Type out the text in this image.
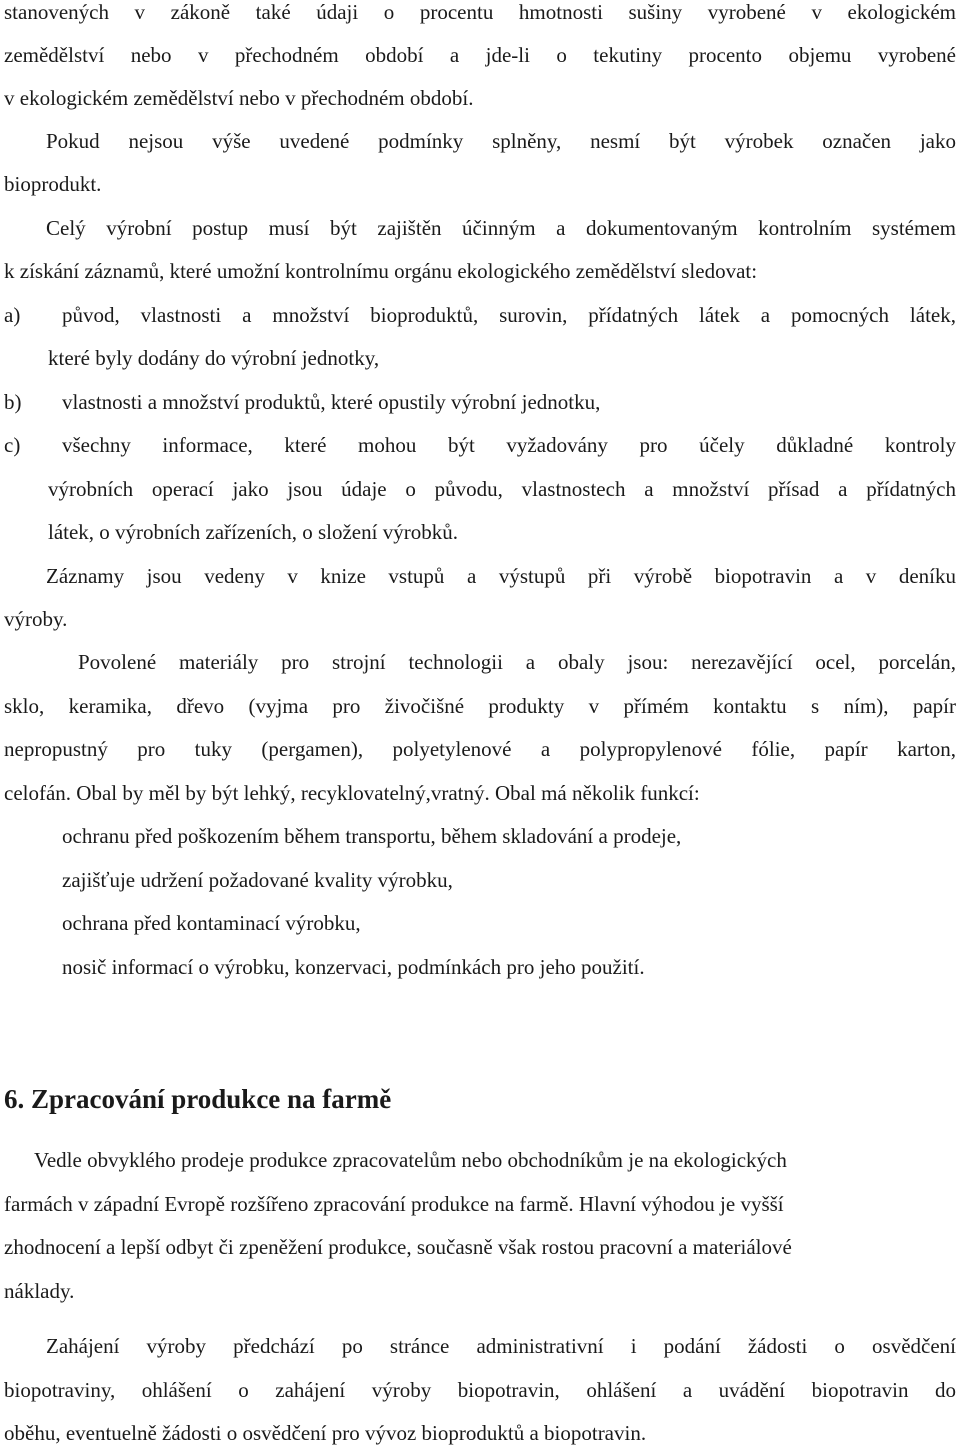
stanovených v zákoně také údaji o procentu hmotnosti sušiny vyrobené v ekologickém
zemědělství nebo v přechodném období a jde-li o tekutiny procento objemu vyrobené
v ekologickém zemědělství nebo v přechodném období.
Pokud nejsou výše uvedené podmínky splněny, nesmí být výrobek označen jako
bioprodukt.
Celý výrobní postup musí být zajištěn účinným a dokumentovaným kontrolním systémem
k získání záznamů, které umožní kontrolnímu orgánu ekologického zemědělství sledovat:
a) původ, vlastnosti a množství bioproduktů, surovin, přídatných látek a pomocných látek,
které byly dodány do výrobní jednotky,
b) vlastnosti a množství produktů, které opustily výrobní jednotku,
c) všechny informace, které mohou být vyžadovány pro účely důkladné kontroly
výrobních operací jako jsou údaje o původu, vlastnostech a množství přísad a přídatných
látek, o výrobních zařízeních, o složení výrobků.
Záznamy jsou vedeny v knize vstupů a výstupů při výrobě biopotravin a v deníku
výroby.
Povolené materiály pro strojní technologii a obaly jsou: nerezavějící ocel, porcelán,
sklo, keramika, dřevo (vyjma pro živočišné produkty v přímém kontaktu s ním), papír
nepropustný pro tuky (pergamen), polyetylenové a polypropylenové fólie, papír karton,
celofán. Obal by měl by být lehký, recyklovatelný,vratný. Obal má několik funkcí:
ochranu před poškozením během transportu, během skladování a prodeje,
zajišťuje udržení požadované kvality výrobku,
ochrana před kontaminací výrobku,
nosič informací o výrobku, konzervaci, podmínkách pro jeho použití.
6. Zpracování produkce na farmě
Vedle obvyklého prodeje produkce zpracovatelům nebo obchodníkům je na ekologických
farmách v západní Evropě rozšířeno zpracování produkce na farmě. Hlavní výhodou je vyšší
zhodnocení a lepší odbyt či zpeněžení produkce, současně však rostou pracovní a materiálové
náklady.
Zahájení výroby předchází po stránce administrativní i podání žádosti o osvědčení
biopotraviny, ohlášení o zahájení výroby biopotravin, ohlášení a uvádění biopotravin do
oběhu, eventuelně žádosti o osvědčení pro vývoz bioproduktů a biopotravin.
